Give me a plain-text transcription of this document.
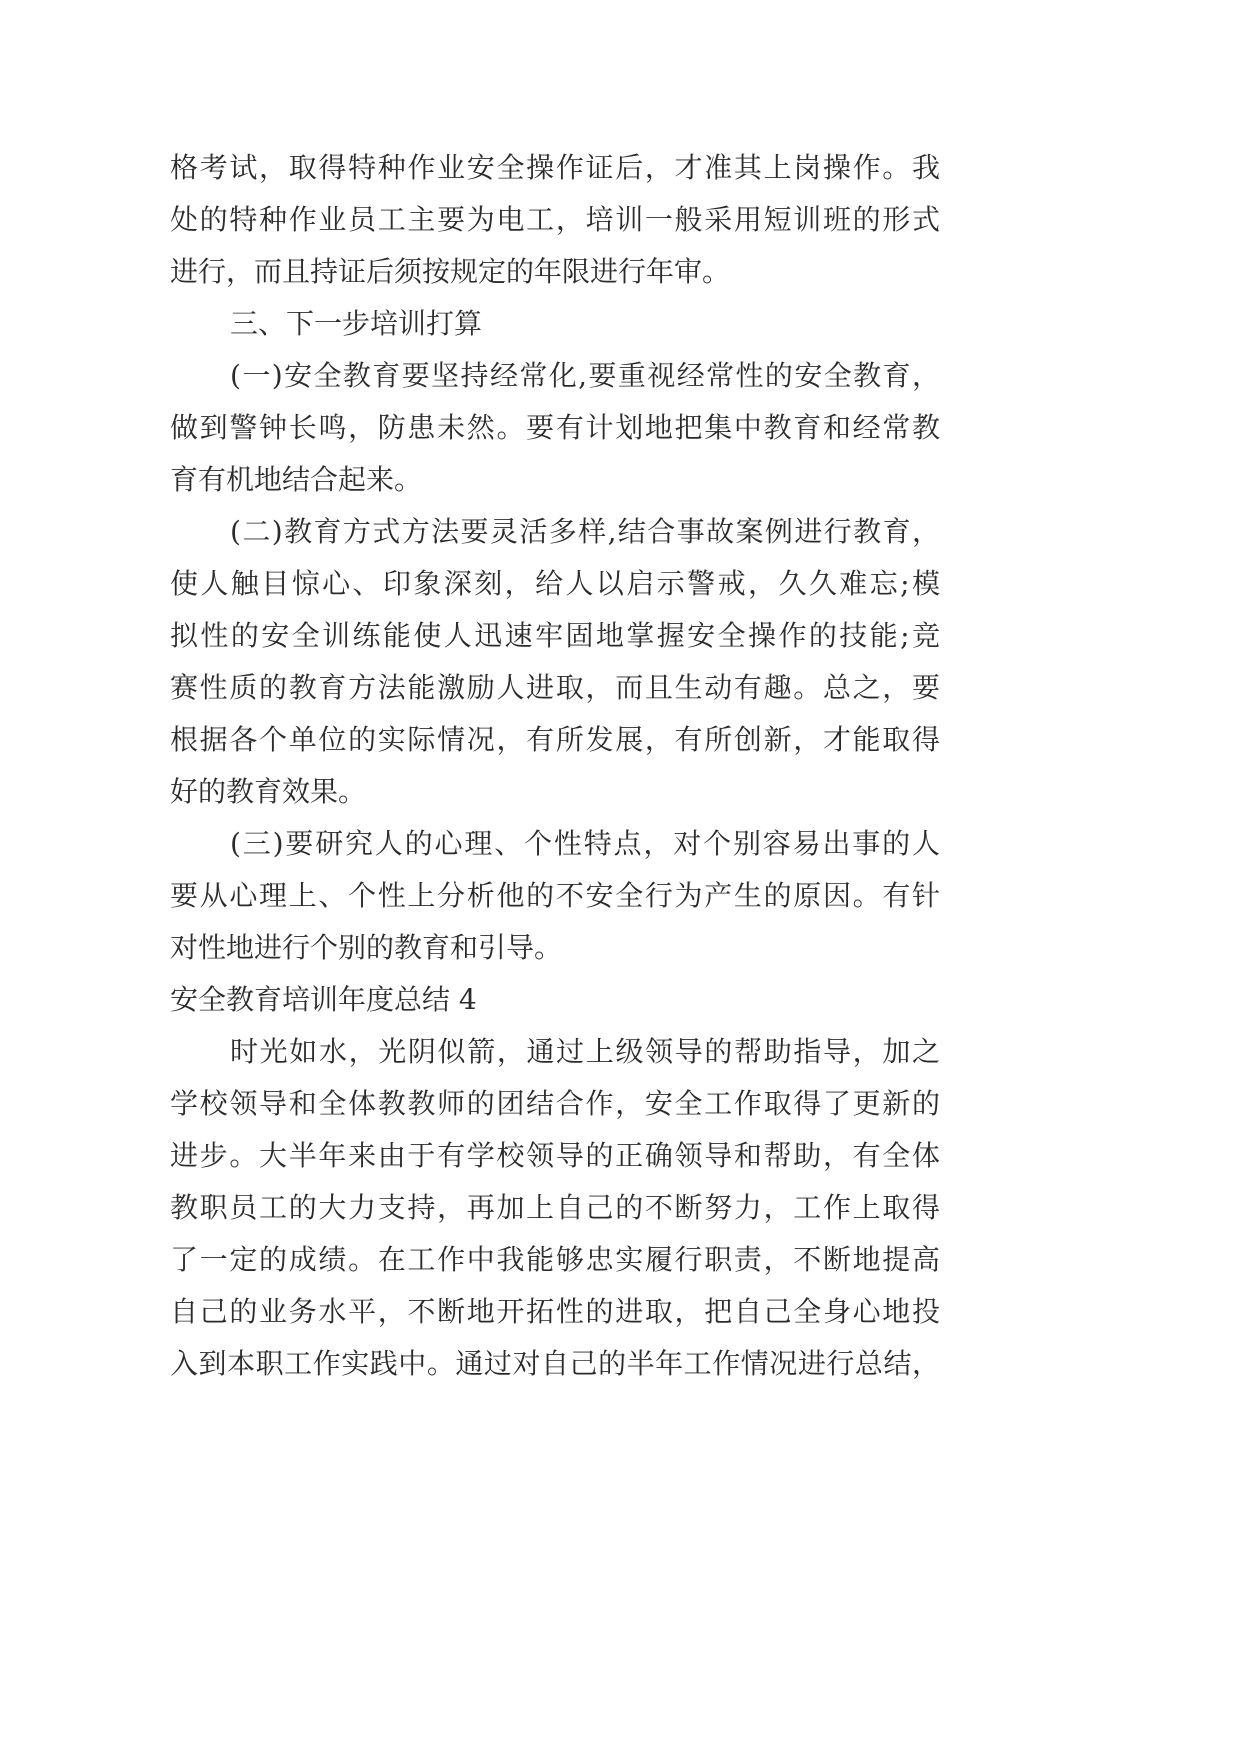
格考试，取得特种作业安全操作证后，才准其上岗操作。我
处的特种作业员工主要为电工，培训一般采用短训班的形式
进行，而且持证后须按规定的年限进行年审。
三、下一步培训打算
(一)安全教育要坚持经常化,要重视经常性的安全教育，
做到警钟长鸣，防患未然。要有计划地把集中教育和经常教
育有机地结合起来。
(二)教育方式方法要灵活多样,结合事故案例进行教育，
使人触目惊心、印象深刻，给人以启示警戒，久久难忘;模
拟性的安全训练能使人迅速牢固地掌握安全操作的技能;竞
赛性质的教育方法能激励人进取，而且生动有趣。总之，要
根据各个单位的实际情况，有所发展，有所创新，才能取得
好的教育效果。
(三)要研究人的心理、个性特点，对个别容易出事的人
要从心理上、个性上分析他的不安全行为产生的原因。有针
对性地进行个别的教育和引导。
安全教育培训年度总结 4
时光如水，光阴似箭，通过上级领导的帮助指导，加之
学校领导和全体教教师的团结合作，安全工作取得了更新的
进步。大半年来由于有学校领导的正确领导和帮助，有全体
教职员工的大力支持，再加上自己的不断努力，工作上取得
了一定的成绩。在工作中我能够忠实履行职责，不断地提高
自己的业务水平，不断地开拓性的进取，把自己全身心地投
入到本职工作实践中。通过对自己的半年工作情况进行总结，
